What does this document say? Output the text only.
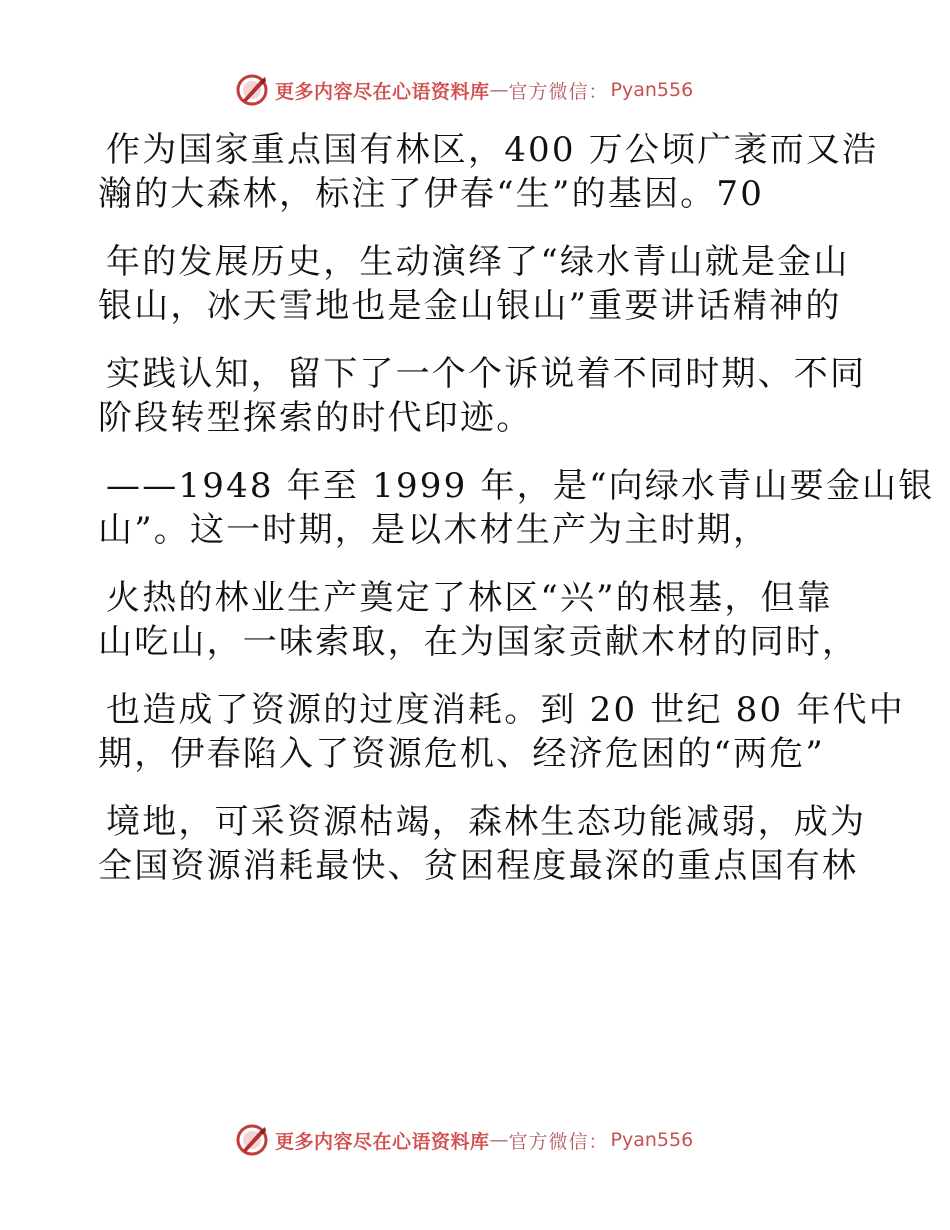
更多内容尽在心语资料库 — 官方微信： Pyan556
作为国家重点国有林区，400 万公顷广袤而又浩
瀚的大森林，标注了伊春“生”的基因。70
年的发展历史，生动演绎了“绿水青山就是金山
银山，冰天雪地也是金山银山”重要讲话精神的
实践认知，留下了一个个诉说着不同时期、不同
阶段转型探索的时代印迹。
——1948 年至 1999 年，是“向绿水青山要金山银
山”。这一时期，是以木材生产为主时期，
火热的林业生产奠定了林区“兴”的根基，但靠
山吃山，一味索取，在为国家贡献木材的同时，
也造成了资源的过度消耗。到 20 世纪 80 年代中
期，伊春陷入了资源危机、经济危困的“两危”
境地，可采资源枯竭，森林生态功能减弱，成为
全国资源消耗最快、贫困程度最深的重点国有林
更多内容尽在心语资料库 — 官方微信： Pyan556
